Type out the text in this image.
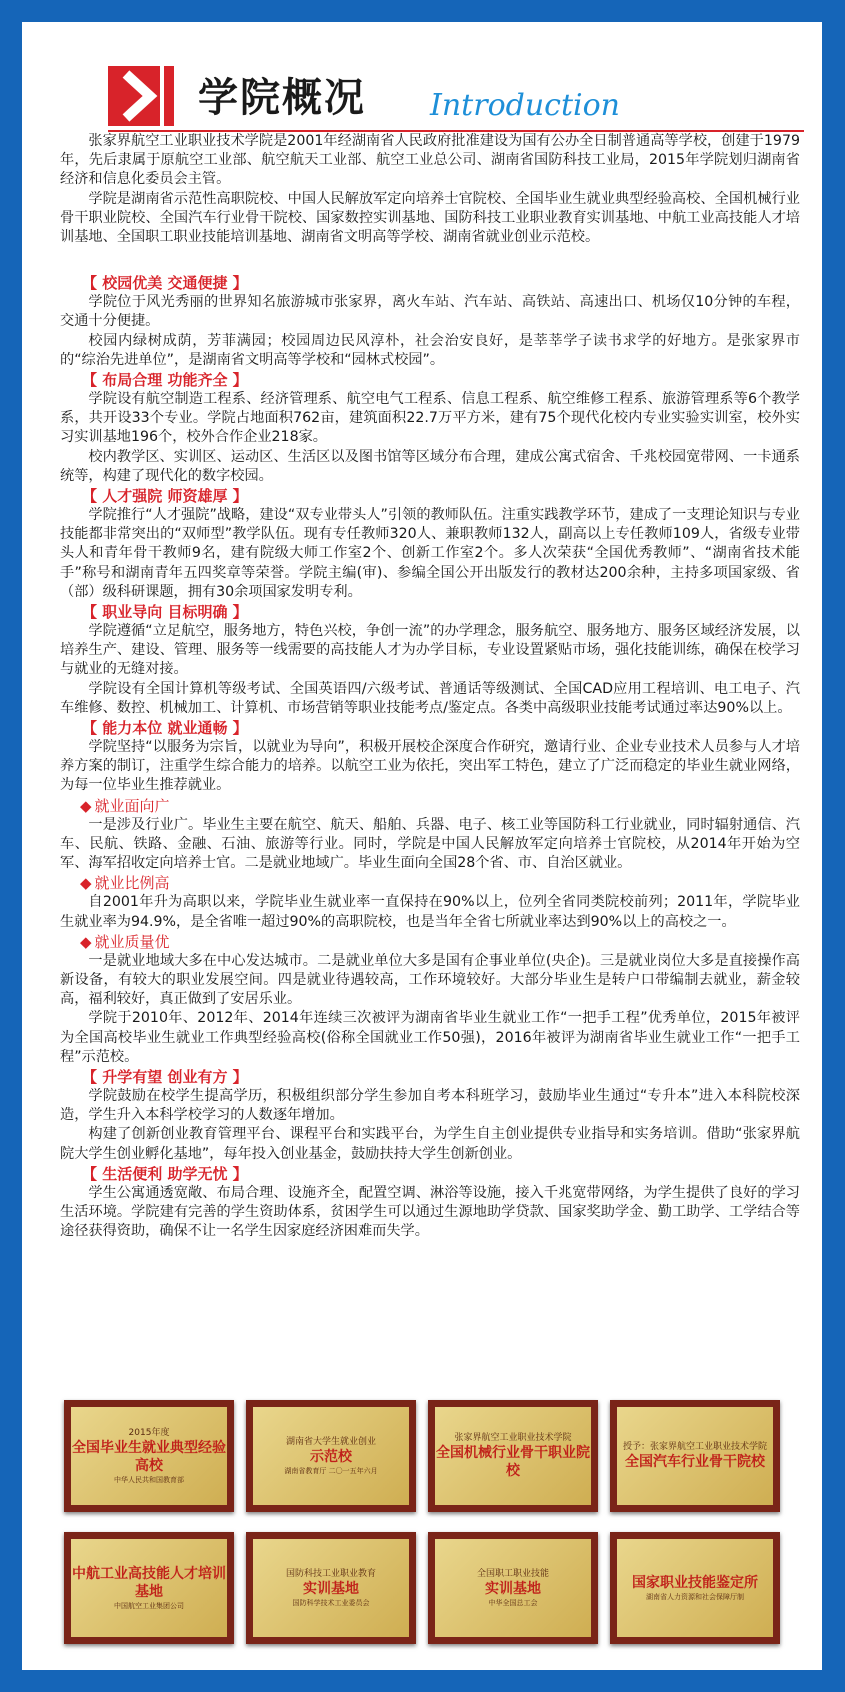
学院概况 Introduction

张家界航空工业职业技术学院是2001年经湖南省人民政府批准建设为国有公办全日制普通高等学校，创建于1979年，先后隶属于原航空工业部、航空航天工业部、航空工业总公司、湖南省国防科技工业局，2015年学院划归湖南省经济和信息化委员会主管。

学院是湖南省示范性高职院校、中国人民解放军定向培养士官院校、全国毕业生就业典型经验高校、全国机械行业骨干职业院校、全国汽车行业骨干院校、国家数控实训基地、国防科技工业职业教育实训基地、中航工业高技能人才培训基地、全国职工职业技能培训基地、湖南省文明高等学校、湖南省就业创业示范校。

【 校园优美 交通便捷 】

学院位于风光秀丽的世界知名旅游城市张家界，离火车站、汽车站、高铁站、高速出口、机场仅10分钟的车程，交通十分便捷。

校园内绿树成荫，芳菲满园；校园周边民风淳朴，社会治安良好，是莘莘学子读书求学的好地方。是张家界市的“综治先进单位”，是湖南省文明高等学校和“园林式校园”。

【 布局合理 功能齐全 】

学院设有航空制造工程系、经济管理系、航空电气工程系、信息工程系、航空维修工程系、旅游管理系等6个教学系，共开设33个专业。学院占地面积762亩，建筑面积22.7万平方米，建有75个现代化校内专业实验实训室，校外实习实训基地196个，校外合作企业218家。

校内教学区、实训区、运动区、生活区以及图书馆等区域分布合理，建成公寓式宿舍、千兆校园宽带网、一卡通系统等，构建了现代化的数字校园。

【 人才强院 师资雄厚 】

学院推行“人才强院”战略，建设“双专业带头人”引领的教师队伍。注重实践教学环节，建成了一支理论知识与专业技能都非常突出的“双师型”教学队伍。现有专任教师320人、兼职教师132人，副高以上专任教师109人，省级专业带头人和青年骨干教师9名，建有院级大师工作室2个、创新工作室2个。多人次荣获“全国优秀教师”、“湖南省技术能手”称号和湖南青年五四奖章等荣誉。学院主编(审)、参编全国公开出版发行的教材达200余种，主持多项国家级、省（部）级科研课题，拥有30余项国家发明专利。

【 职业导向 目标明确 】

学院遵循“立足航空，服务地方，特色兴校，争创一流”的办学理念，服务航空、服务地方、服务区域经济发展，以培养生产、建设、管理、服务等一线需要的高技能人才为办学目标，专业设置紧贴市场，强化技能训练，确保在校学习与就业的无缝对接。

学院设有全国计算机等级考试、全国英语四/六级考试、普通话等级测试、全国CAD应用工程培训、电工电子、汽车维修、数控、机械加工、计算机、市场营销等职业技能考点/鉴定点。各类中高级职业技能考试通过率达90%以上。

【 能力本位 就业通畅 】

学院坚持“以服务为宗旨，以就业为导向”，积极开展校企深度合作研究，邀请行业、企业专业技术人员参与人才培养方案的制订，注重学生综合能力的培养。以航空工业为依托，突出军工特色，建立了广泛而稳定的毕业生就业网络，为每一位毕业生推荐就业。

◆ 就业面向广

一是涉及行业广。毕业生主要在航空、航天、船舶、兵器、电子、核工业等国防科工行业就业，同时辐射通信、汽车、民航、铁路、金融、石油、旅游等行业。同时，学院是中国人民解放军定向培养士官院校，从2014年开始为空军、海军招收定向培养士官。二是就业地域广。毕业生面向全国28个省、市、自治区就业。

◆ 就业比例高

自2001年升为高职以来，学院毕业生就业率一直保持在90%以上，位列全省同类院校前列；2011年，学院毕业生就业率为94.9%，是全省唯一超过90%的高职院校，也是当年全省七所就业率达到90%以上的高校之一。

◆ 就业质量优

一是就业地域大多在中心发达城市。二是就业单位大多是国有企事业单位(央企)。三是就业岗位大多是直接操作高新设备，有较大的职业发展空间。四是就业待遇较高，工作环境较好。大部分毕业生是转户口带编制去就业，薪金较高，福利较好，真正做到了安居乐业。

学院于2010年、2012年、2014年连续三次被评为湖南省毕业生就业工作“一把手工程”优秀单位，2015年被评为全国高校毕业生就业工作典型经验高校(俗称全国就业工作50强)，2016年被评为湖南省毕业生就业工作“一把手工程”示范校。

【 升学有望 创业有方 】

学院鼓励在校学生提高学历，积极组织部分学生参加自考本科班学习，鼓励毕业生通过“专升本”进入本科院校深造，学生升入本科学校学习的人数逐年增加。

构建了创新创业教育管理平台、课程平台和实践平台，为学生自主创业提供专业指导和实务培训。借助“张家界航院大学生创业孵化基地”，每年投入创业基金，鼓励扶持大学生创新创业。

【 生活便利 助学无忧 】

学生公寓通透宽敞、布局合理、设施齐全，配置空调、淋浴等设施，接入千兆宽带网络，为学生提供了良好的学习生活环境。学院建有完善的学生资助体系，贫困学生可以通过生源地助学贷款、国家奖助学金、勤工助学、工学结合等途径获得资助，确保不让一名学生因家庭经济困难而失学。

2015年度
全国毕业生就业典型经验高校
中华人民共和国教育部
湖南省大学生就业创业
示范校
湖南省教育厅 二〇一五年六月
张家界航空工业职业技术学院
全国机械行业骨干职业院校
授予：张家界航空工业职业技术学院
全国汽车行业骨干院校
中航工业高技能人才培训基地
中国航空工业集团公司
国防科技工业职业教育
实训基地
国防科学技术工业委员会
全国职工职业技能
实训基地
中华全国总工会
国家职业技能鉴定所
湖南省人力资源和社会保障厅制
